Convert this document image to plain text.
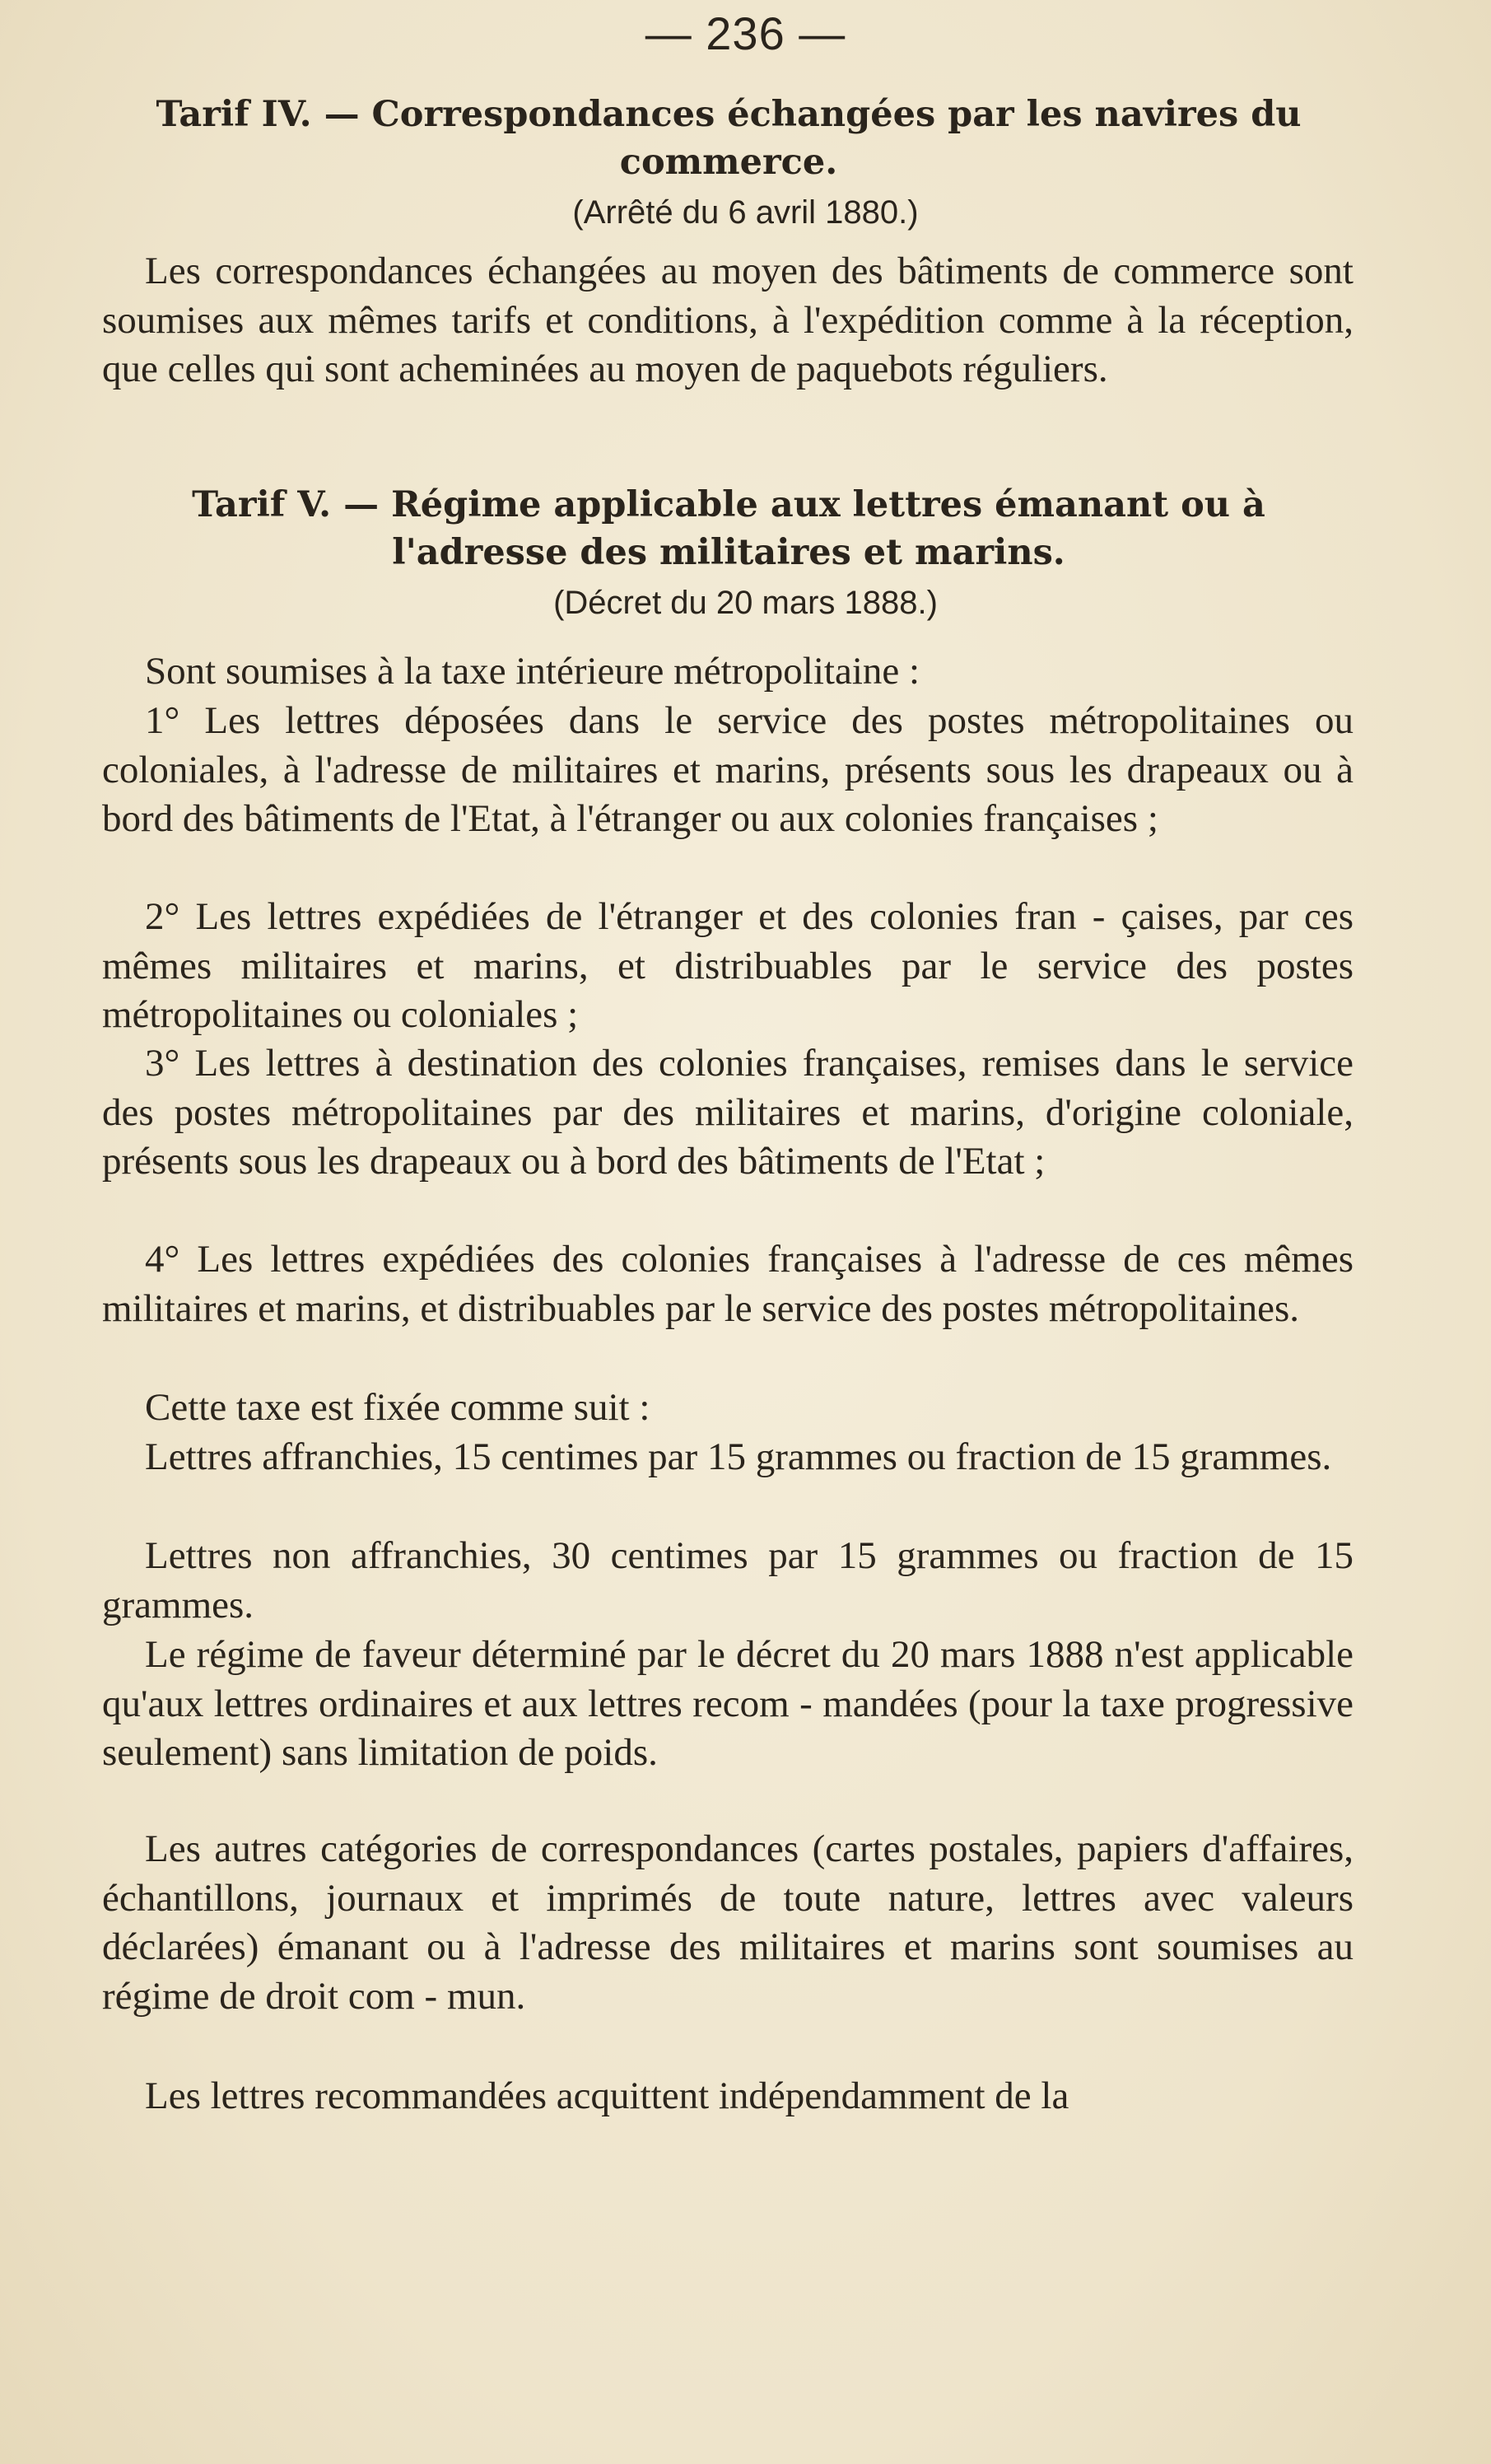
— 236 —
Tarif IV. — Correspondances échangées par les navires du commerce.
(Arrêté du 6 avril 1880.)

Les correspondances échangées au moyen des bâtiments de commerce sont soumises aux mêmes tarifs et conditions, à l'expédition comme à la réception, que celles qui sont acheminées au moyen de paquebots réguliers.

Tarif V. — Régime applicable aux lettres émanant ou à l'adresse des militaires et marins.
(Décret du 20 mars 1888.)

Sont soumises à la taxe intérieure métropolitaine :

1° Les lettres déposées dans le service des postes métropolitaines ou coloniales, à l'adresse de militaires et marins, présents sous les drapeaux ou à bord des bâtiments de l'Etat, à l'étranger ou aux colonies françaises ;

2° Les lettres expédiées de l'étranger et des colonies fran - çaises, par ces mêmes militaires et marins, et distribuables par le service des postes métropolitaines ou coloniales ;

3° Les lettres à destination des colonies françaises, remises dans le service des postes métropolitaines par des militaires et marins, d'origine coloniale, présents sous les drapeaux ou à bord des bâtiments de l'Etat ;

4° Les lettres expédiées des colonies françaises à l'adresse de ces mêmes militaires et marins, et distribuables par le service des postes métropolitaines.

Cette taxe est fixée comme suit :

Lettres affranchies, 15 centimes par 15 grammes ou fraction de 15 grammes.

Lettres non affranchies, 30 centimes par 15 grammes ou fraction de 15 grammes.

Le régime de faveur déterminé par le décret du 20 mars 1888 n'est applicable qu'aux lettres ordinaires et aux lettres recom - mandées (pour la taxe progressive seulement) sans limitation de poids.

Les autres catégories de correspondances (cartes postales, papiers d'affaires, échantillons, journaux et imprimés de toute nature, lettres avec valeurs déclarées) émanant ou à l'adresse des militaires et marins sont soumises au régime de droit com - mun.

Les lettres recommandées acquittent indépendamment de la
